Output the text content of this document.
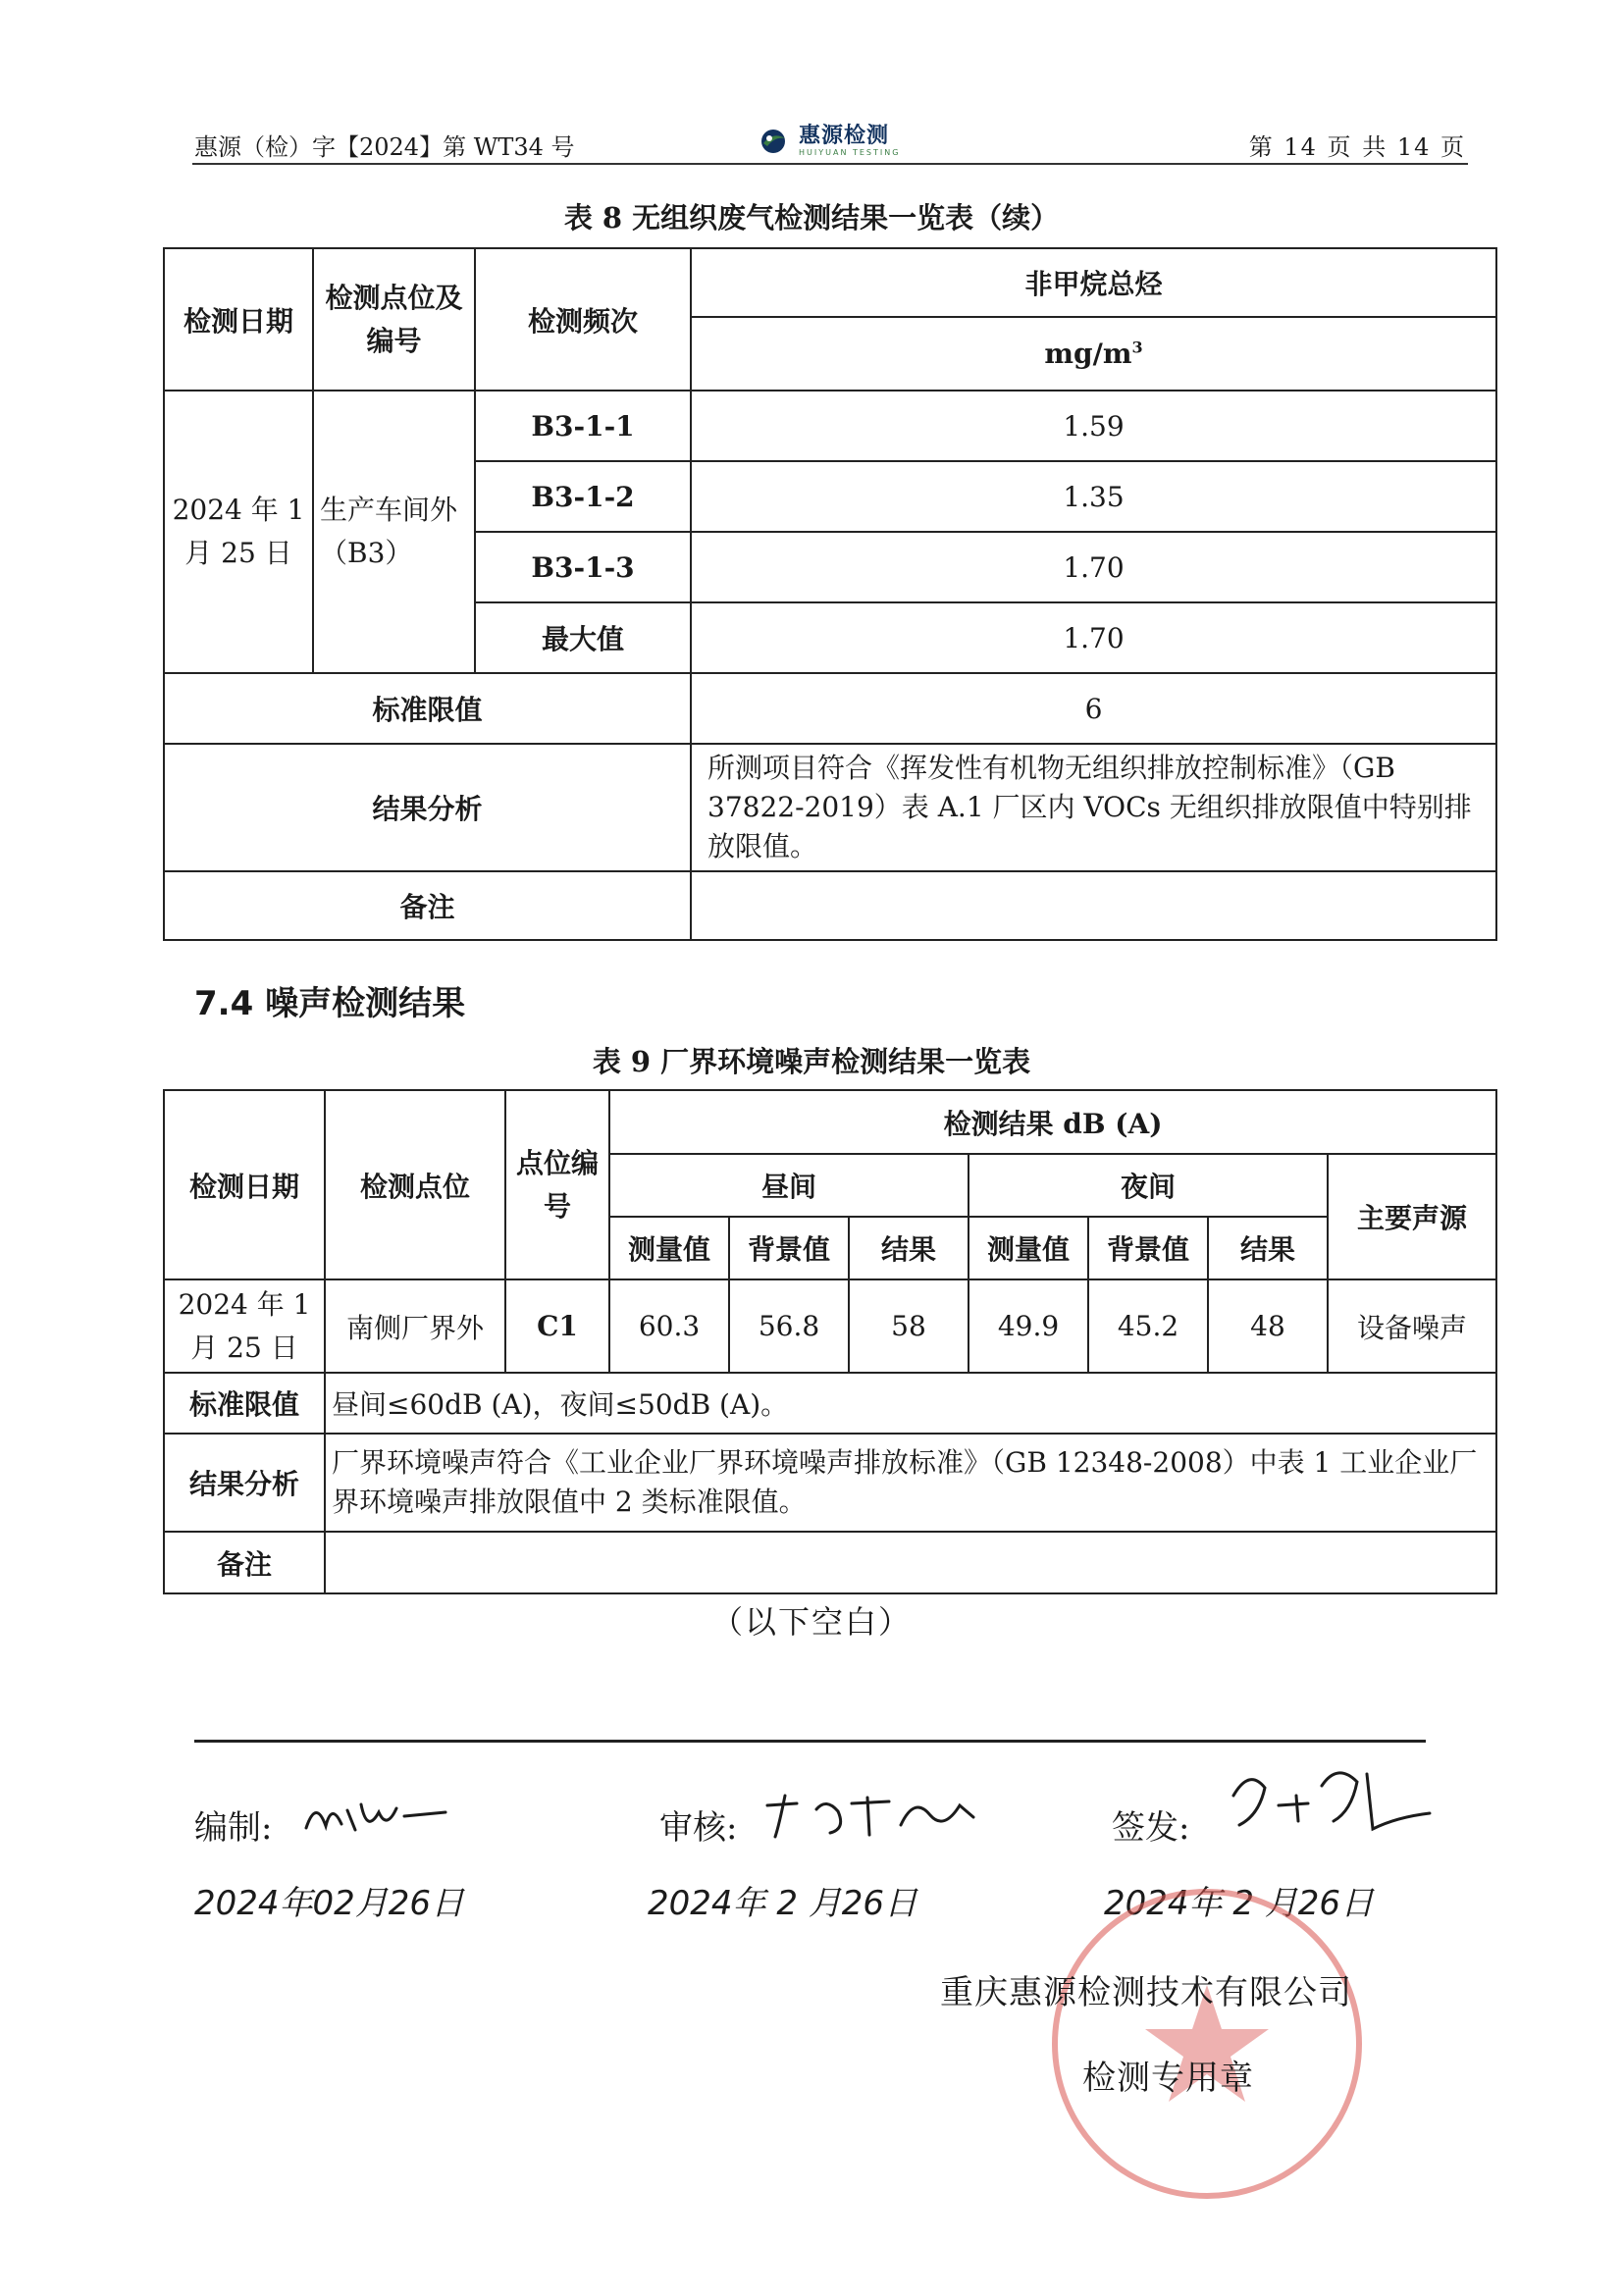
惠源（检）字【2024】第 WT34 号	惠源检测
HUIYUAN TESTING	第 14 页 共 14 页
表 8 无组织废气检测结果一览表（续）
检测日期	检测点位及编号	检测频次	非甲烷总烃
			$mg/m^3$
2024 年 1 月 25 日	生产车间外（B3）	B3-1-1	1.59
		B3-1-2	1.35
		B3-1-3	1.70
		最大值	1.70
标准限值			6
结果分析			所测项目符合《挥发性有机物无组织排放控制标准》（GB 37822-2019）表 A.1 厂区内 VOCs 无组织排放限值中特别排放限值。
备注			
7.4 噪声检测结果
表 9 厂界环境噪声检测结果一览表
检测日期	检测点位	点位编号	检测结果 dB (A)						
			昼间			夜间			主要声源
			测量值	背景值	结果	测量值	背景值	结果	
2024 年 1 月 25 日	南侧厂界外	C1	60.3	56.8	58	49.9	45.2	48	设备噪声
标准限值	昼间≤60dB (A)，夜间≤50dB (A)。								
结果分析	厂界环境噪声符合《工业企业厂界环境噪声排放标准》（GB 12348-2008）中表 1 工业企业厂界环境噪声排放限值中 2 类标准限值。								
备注									
（以下空白）
编制:	审核:	签发:
2024年02月26日	2024年 2 月26日	2024年 2 月26日
重庆惠源检测技术有限公司
检测专用章
